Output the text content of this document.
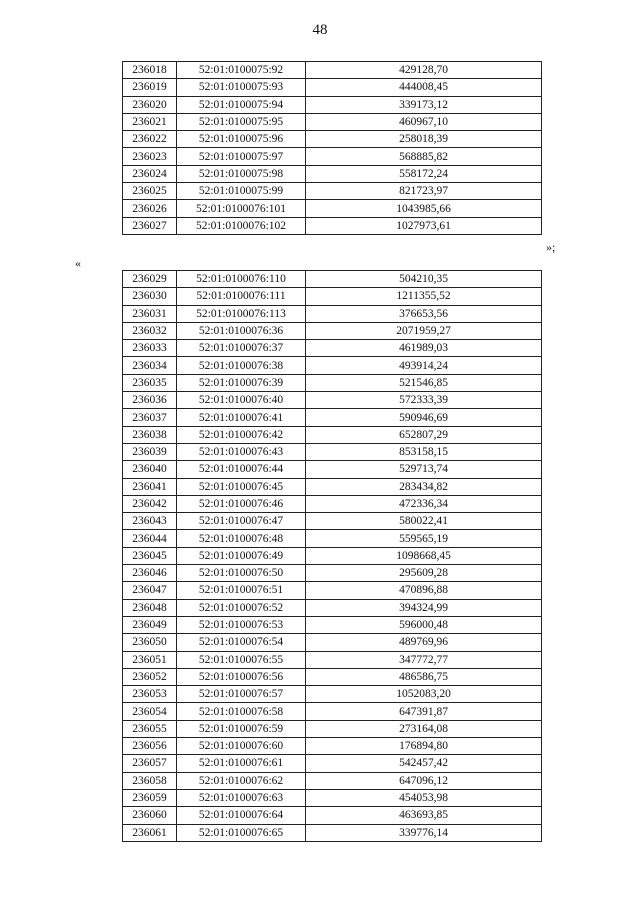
48
236018	52:01:0100075:92	429128,70
236019	52:01:0100075:93	444008,45
236020	52:01:0100075:94	339173,12
236021	52:01:0100075:95	460967,10
236022	52:01:0100075:96	258018,39
236023	52:01:0100075:97	568885,82
236024	52:01:0100075:98	558172,24
236025	52:01:0100075:99	821723,97
236026	52:01:0100076:101	1043985,66
236027	52:01:0100076:102	1027973,61
»;
«
236029	52:01:0100076:110	504210,35
236030	52:01:0100076:111	1211355,52
236031	52:01:0100076:113	376653,56
236032	52:01:0100076:36	2071959,27
236033	52:01:0100076:37	461989,03
236034	52:01:0100076:38	493914,24
236035	52:01:0100076:39	521546,85
236036	52:01:0100076:40	572333,39
236037	52:01:0100076:41	590946,69
236038	52:01:0100076:42	652807,29
236039	52:01:0100076:43	853158,15
236040	52:01:0100076:44	529713,74
236041	52:01:0100076:45	283434,82
236042	52:01:0100076:46	472336,34
236043	52:01:0100076:47	580022,41
236044	52:01:0100076:48	559565,19
236045	52:01:0100076:49	1098668,45
236046	52:01:0100076:50	295609,28
236047	52:01:0100076:51	470896,88
236048	52:01:0100076:52	394324,99
236049	52:01:0100076:53	596000,48
236050	52:01:0100076:54	489769,96
236051	52:01:0100076:55	347772,77
236052	52:01:0100076:56	486586,75
236053	52:01:0100076:57	1052083,20
236054	52:01:0100076:58	647391,87
236055	52:01:0100076:59	273164,08
236056	52:01:0100076:60	176894,80
236057	52:01:0100076:61	542457,42
236058	52:01:0100076:62	647096,12
236059	52:01:0100076:63	454053,98
236060	52:01:0100076:64	463693,85
236061	52:01:0100076:65	339776,14
